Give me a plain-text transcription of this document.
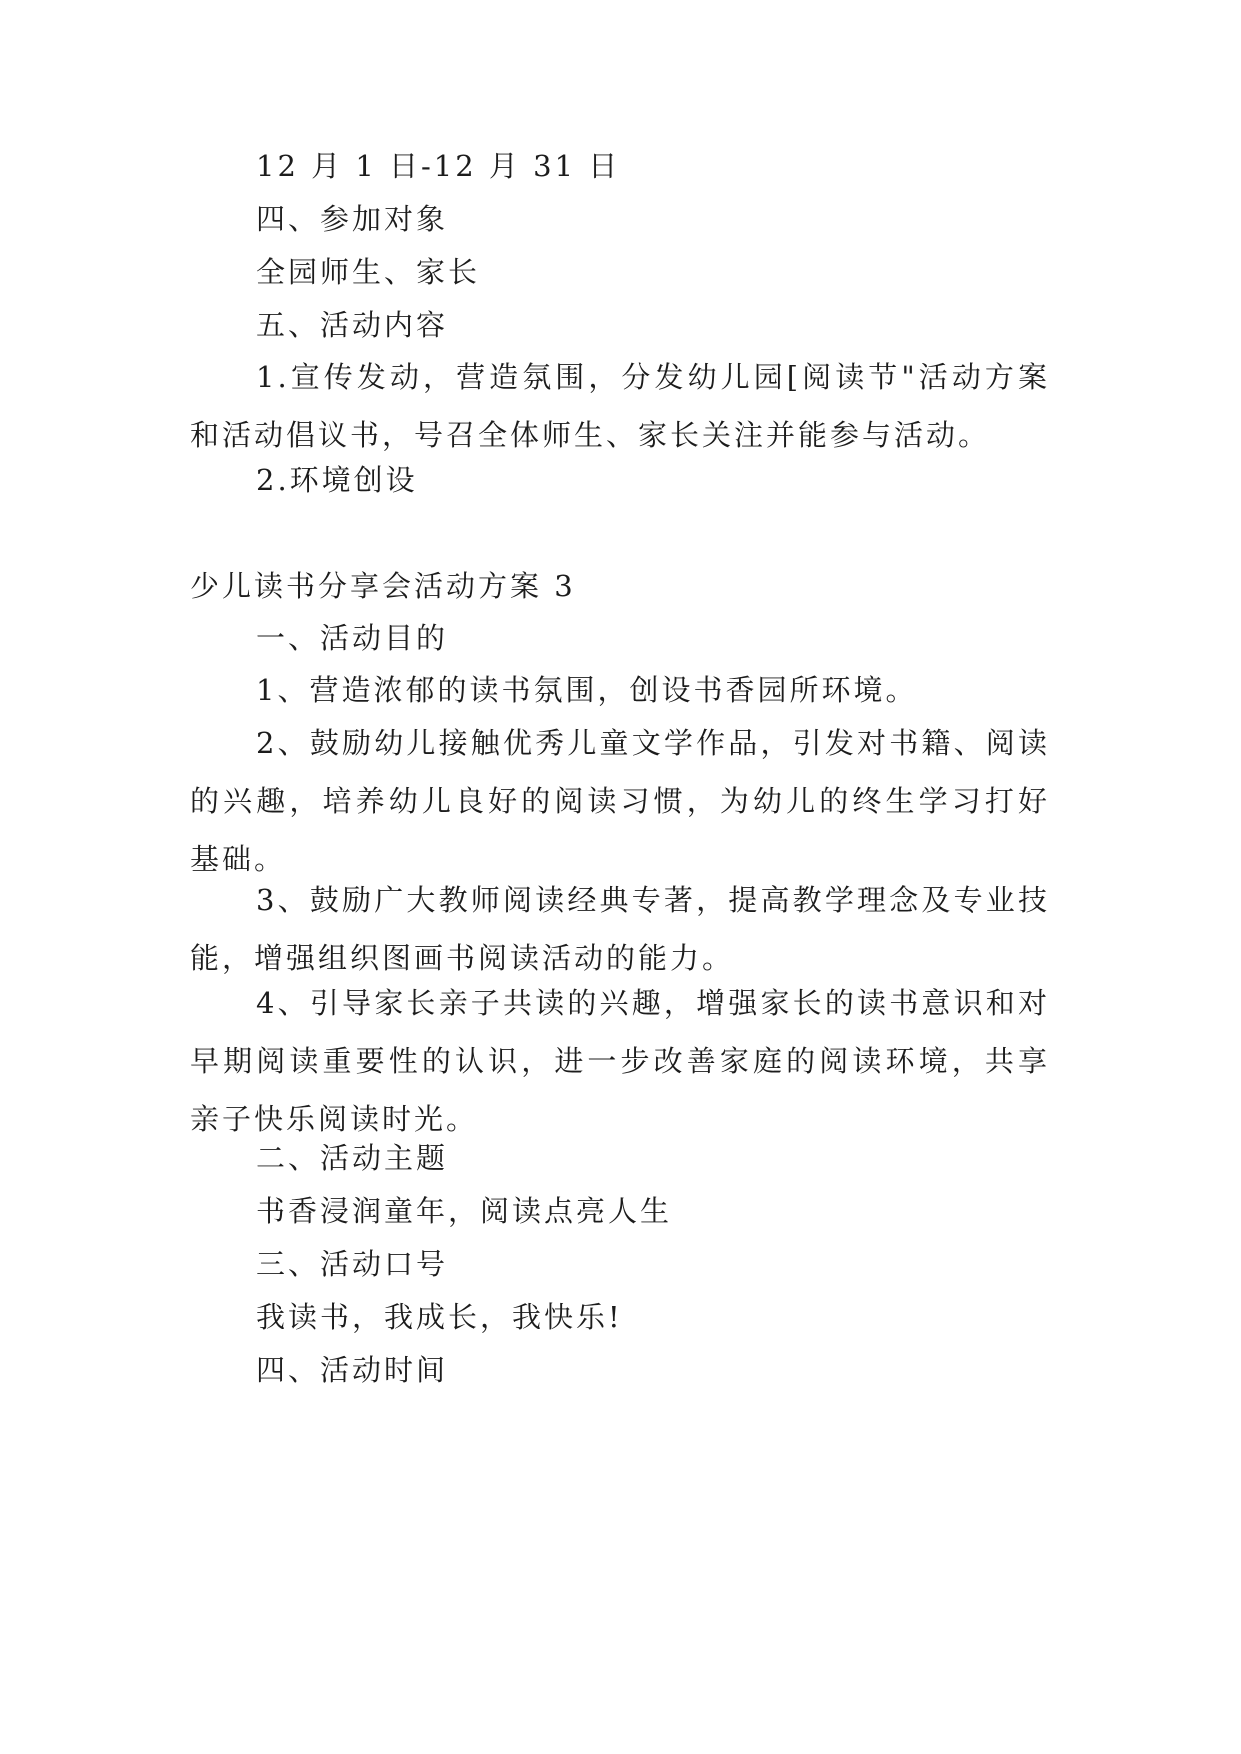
12 月 1 日-12 月 31 日
四、参加对象
全园师生、家长
五、活动内容
1.宣传发动，营造氛围，分发幼儿园[阅读节"活动方案和活动倡议书，号召全体师生、家长关注并能参与活动。
2.环境创设
少儿读书分享会活动方案 3
一、活动目的
1、营造浓郁的读书氛围，创设书香园所环境。
2、鼓励幼儿接触优秀儿童文学作品，引发对书籍、阅读的兴趣，培养幼儿良好的阅读习惯，为幼儿的终生学习打好基础。
3、鼓励广大教师阅读经典专著，提高教学理念及专业技能，增强组织图画书阅读活动的能力。
4、引导家长亲子共读的兴趣，增强家长的读书意识和对早期阅读重要性的认识，进一步改善家庭的阅读环境，共享亲子快乐阅读时光。
二、活动主题
书香浸润童年，阅读点亮人生
三、活动口号
我读书，我成长，我快乐!
四、活动时间
